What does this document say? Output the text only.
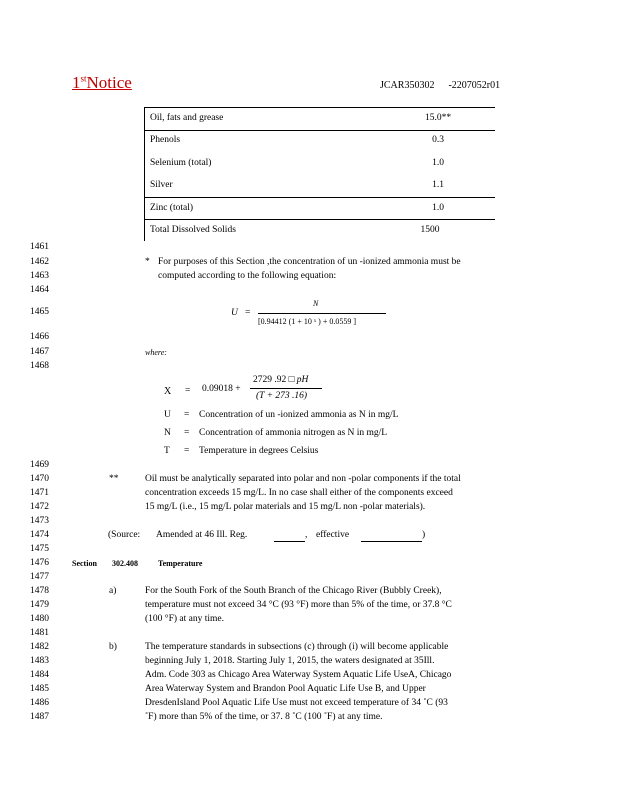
1stNotice	JCAR350302 -2207052r01
Oil, fats and grease	15.0**
Phenols	0.3
Selenium (total)	1.0
Silver	1.1
Zinc (total)	1.0
Total Dissolved Solids	1500
1461
1462
1463
1464
1465
1466
1467
1468
1469
1470
1471
1472
1473
1474
1475
1476
1477
1478
1479
1480
1481
1482
1483
1484
1485
1486
1487
* For purposes of this Section ,the concentration of un -ionized ammonia must be
computed according to the following equation:
U =
N
[0.94412 (1 + 10 ˣ ) + 0.0559 ]
where:
X = 0.09018 +
2729 .92 □ pH
(T + 273 .16)
U = Concentration of un -ionized ammonia as N in mg/L
N = Concentration of ammonia nitrogen as N in mg/L
T = Temperature in degrees Celsius
**	Oil must be analytically separated into polar and non -polar components if the total
concentration exceeds 15 mg/L. In no case shall either of the components exceed
15 mg/L (i.e., 15 mg/L polar materials and 15 mg/L non -polar materials).
(Source: Amended at 46 Ill. Reg.	, effective	)
Section 302.408	Temperature
a)	For the South Fork of the South Branch of the Chicago River (Bubbly Creek),
temperature must not exceed 34 °C (93 °F) more than 5% of the time, or 37.8 °C
(100 °F) at any time.
b)	The temperature standards in subsections (c) through (i) will become applicable
beginning July 1, 2018. Starting July 1, 2015, the waters designated at 35Ill.
Adm. Code 303 as Chicago Area Waterway System Aquatic Life UseA, Chicago
Area Waterway System and Brandon Pool Aquatic Life Use B, and Upper
DresdenIsland Pool Aquatic Life Use must not exceed temperature of 34 ˚C (93
˚F) more than 5% of the time, or 37. 8 ˚C (100 ˚F) at any time.
